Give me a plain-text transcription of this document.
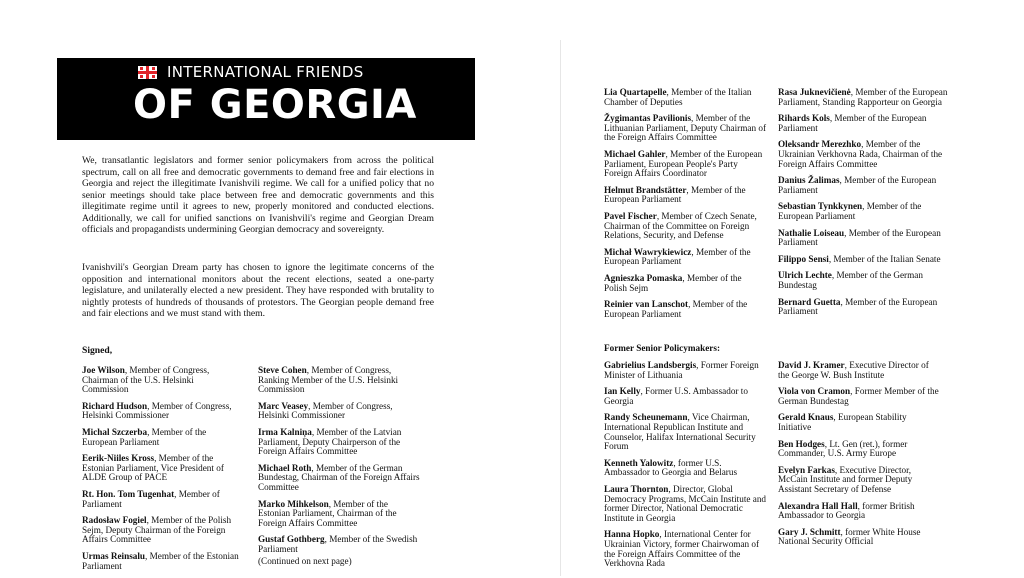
INTERNATIONAL FRIENDS
OF GEORGIA

We, transatlantic legislators and former senior policymakers from across the political spectrum, call on all free and democratic governments to demand free and fair elections in Georgia and reject the illegitimate Ivanishvili regime. We call for a unified policy that no senior meetings should take place between free and democratic governments and this illegitimate regime until it agrees to new, properly monitored and conducted elections. Additionally, we call for unified sanctions on Ivanishvili's regime and Georgian Dream officials and propagandists undermining Georgian democracy and sovereignty.

Ivanishvili's Georgian Dream party has chosen to ignore the legitimate concerns of the opposition and international monitors about the recent elections, seated a one-party legislature, and unilaterally elected a new president. They have responded with brutality to nightly protests of hundreds of thousands of protestors. The Georgian people demand free and fair elections and we must stand with them.

Signed,
Joe Wilson, Member of Congress, Chairman of the U.S. Helsinki Commission
Richard Hudson, Member of Congress, Helsinki Commissioner
Michal Szczerba, Member of the European Parliament
Eerik-Niiles Kross, Member of the Estonian Parliament, Vice President of ALDE Group of PACE
Rt. Hon. Tom Tugenhat, Member of Parliament
Radosław Fogiel, Member of the Polish Sejm, Deputy Chairman of the Foreign Affairs Committee
Urmas Reinsalu, Member of the Estonian Parliament
Steve Cohen, Member of Congress, Ranking Member of the U.S. Helsinki Commission
Marc Veasey, Member of Congress, Helsinki Commissioner
Irma Kalniņa, Member of the Latvian Parliament, Deputy Chairperson of the Foreign Affairs Committee
Michael Roth, Member of the German Bundestag, Chairman of the Foreign Affairs Committee
Marko Mihkelson, Member of the Estonian Parliament, Chairman of the Foreign Affairs Committee
Gustaf Gothberg, Member of the Swedish Parliament
(Continued on next page)
Lia Quartapelle, Member of the Italian Chamber of Deputies
Žygimantas Pavilionis, Member of the Lithuanian Parliament, Deputy Chairman of the Foreign Affairs Committee
Michael Gahler, Member of the European Parliament, European People's Party Foreign Affairs Coordinator
Helmut Brandstätter, Member of the European Parliament
Pavel Fischer, Member of Czech Senate, Chairman of the Committee on Foreign Relations, Security, and Defense
Michał Wawrykiewicz, Member of the European Parliament
Agnieszka Pomaska, Member of the Polish Sejm
Reinier van Lanschot, Member of the European Parliament
Rasa Juknevičienė, Member of the European Parliament, Standing Rapporteur on Georgia
Rihards Kols, Member of the European Parliament
Oleksandr Merezhko, Member of the Ukrainian Verkhovna Rada, Chairman of the Foreign Affairs Committee
Danius Žalimas, Member of the European Parliament
Sebastian Tynkkynen, Member of the European Parliament
Nathalie Loiseau, Member of the European Parliament
Filippo Sensi, Member of the Italian Senate
Ulrich Lechte, Member of the German Bundestag
Bernard Guetta, Member of the European Parliament
Former Senior Policymakers:
Gabrielius Landsbergis, Former Foreign Minister of Lithuania
Ian Kelly, Former U.S. Ambassador to Georgia
Randy Scheunemann, Vice Chairman, International Republican Institute and Counselor, Halifax International Security Forum
Kenneth Yalowitz, former U.S. Ambassador to Georgia and Belarus
Laura Thornton, Director, Global Democracy Programs, McCain Institute and former Director, National Democratic Institute in Georgia
Hanna Hopko, International Center for Ukrainian Victory, former Chairwoman of the Foreign Affairs Committee of the Verkhovna Rada
David J. Kramer, Executive Director of the George W. Bush Institute
Viola von Cramon, Former Member of the German Bundestag
Gerald Knaus, European Stability Initiative
Ben Hodges, Lt. Gen (ret.), former Commander, U.S. Army Europe
Evelyn Farkas, Executive Director, McCain Institute and former Deputy Assistant Secretary of Defense
Alexandra Hall Hall, former British Ambassador to Georgia
Gary J. Schmitt, former White House National Security Official
